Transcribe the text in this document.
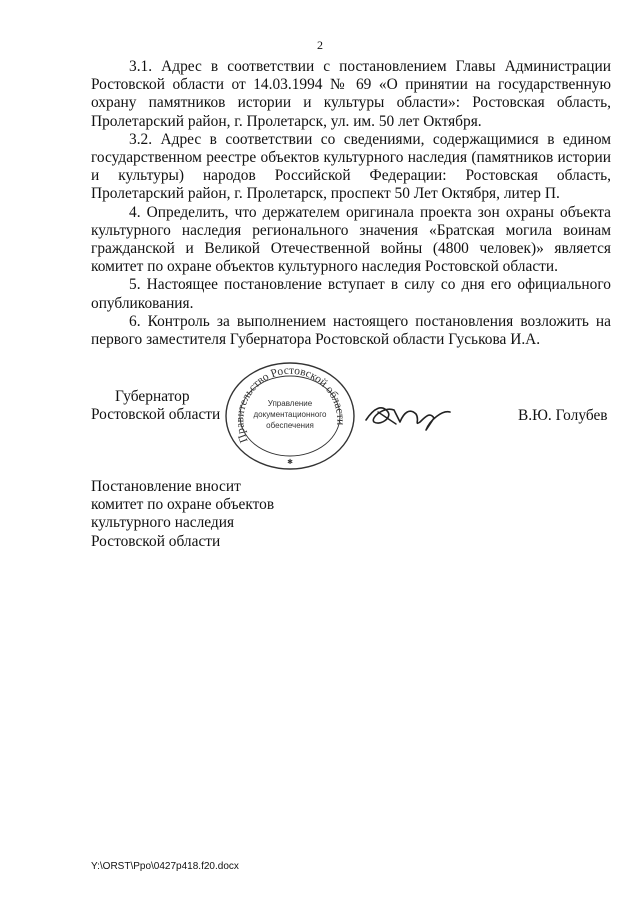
2

3.1. Адрес в соответствии с постановлением Главы Администрации Ростовской области от 14.03.1994 № 69 «О принятии на государственную охрану памятников истории и культуры области»: Ростовская область, Пролетарский район, г. Пролетарск, ул. им. 50 лет Октября.

3.2. Адрес в соответствии со сведениями, содержащимися в едином государственном реестре объектов культурного наследия (памятников истории и культуры) народов Российской Федерации: Ростовская область, Пролетарский район, г. Пролетарск, проспект 50 Лет Октября, литер П.

4. Определить, что держателем оригинала проекта зон охраны объекта культурного наследия регионального значения «Братская могила воинам гражданской и Великой Отечественной войны (4800 человек)» является комитет по охране объектов культурного наследия Ростовской области.

5. Настоящее постановление вступает в силу со дня его официального опубликования.

6. Контроль за выполнением настоящего постановления возложить на первого заместителя Губернатора Ростовской области Гуськова И.А.

Губернатор
Ростовской области
Правительство Ростовской области
Управление
документационного
обеспечения
✱
В.Ю. Голубев
Постановление вносит
комитет по охране объектов
культурного наследия
Ростовской области
Y:\ORST\Ppo\0427p418.f20.docx
